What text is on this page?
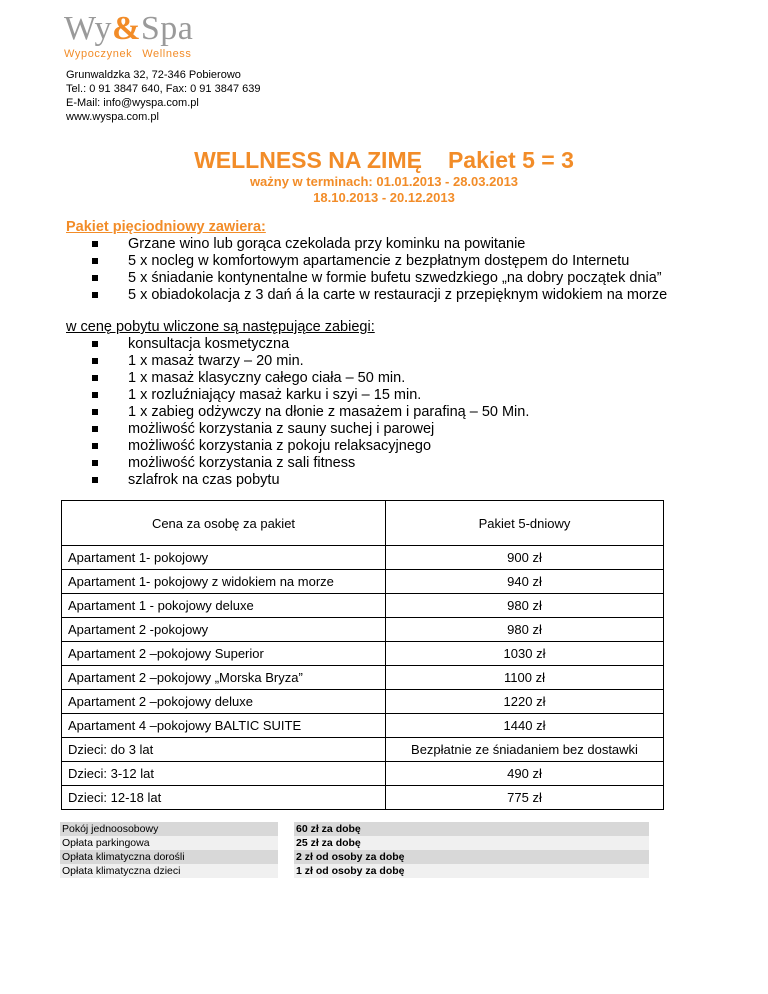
Wy&Spa
Wypoczynek Wellness
Grunwaldzka 32, 72-346 Pobierowo
Tel.: 0 91 3847 640, Fax: 0 91 3847 639
E-Mail: info@wyspa.com.pl
www.wyspa.com.pl
WELLNESS NA ZIMĘ Pakiet 5 = 3
ważny w terminach: 01.01.2013 - 28.03.2013
18.10.2013 - 20.12.2013
Pakiet pięciodniowy zawiera:
Grzane wino lub gorąca czekolada przy kominku na powitanie
5 x nocleg w komfortowym apartamencie z bezpłatnym dostępem do Internetu
5 x śniadanie kontynentalne w formie bufetu szwedzkiego „na dobry początek dnia”
5 x obiadokolacja z 3 dań á la carte w restauracji z przepięknym widokiem na morze
w cenę pobytu wliczone są następujące zabiegi:
konsultacja kosmetyczna
1 x masaż twarzy – 20 min.
1 x masaż klasyczny całego ciała – 50 min.
1 x rozluźniający masaż karku i szyi – 15 min.
1 x zabieg odżywczy na dłonie z masażem i parafiną – 50 Min.
możliwość korzystania z sauny suchej i parowej
możliwość korzystania z pokoju relaksacyjnego
możliwość korzystania z sali fitness
szlafrok na czas pobytu
Cena za osobę za pakiet	Pakiet 5-dniowy
Apartament 1- pokojowy	900 zł
Apartament 1- pokojowy z widokiem na morze	940 zł
Apartament 1 - pokojowy deluxe	980 zł
Apartament 2 -pokojowy	980 zł
Apartament 2 –pokojowy Superior	1030 zł
Apartament 2 –pokojowy „Morska Bryza”	1100 zł
Apartament 2 –pokojowy deluxe	1220 zł
Apartament 4 –pokojowy BALTIC SUITE	1440 zł
Dzieci: do 3 lat	Bezpłatnie ze śniadaniem bez dostawki
Dzieci: 3-12 lat	490 zł
Dzieci: 12-18 lat	775 zł
Pokój jednoosobowy	60 zł za dobę
Opłata parkingowa	25 zł za dobę
Opłata klimatyczna dorośli	2 zł od osoby za dobę
Opłata klimatyczna dzieci	1 zł od osoby za dobę
